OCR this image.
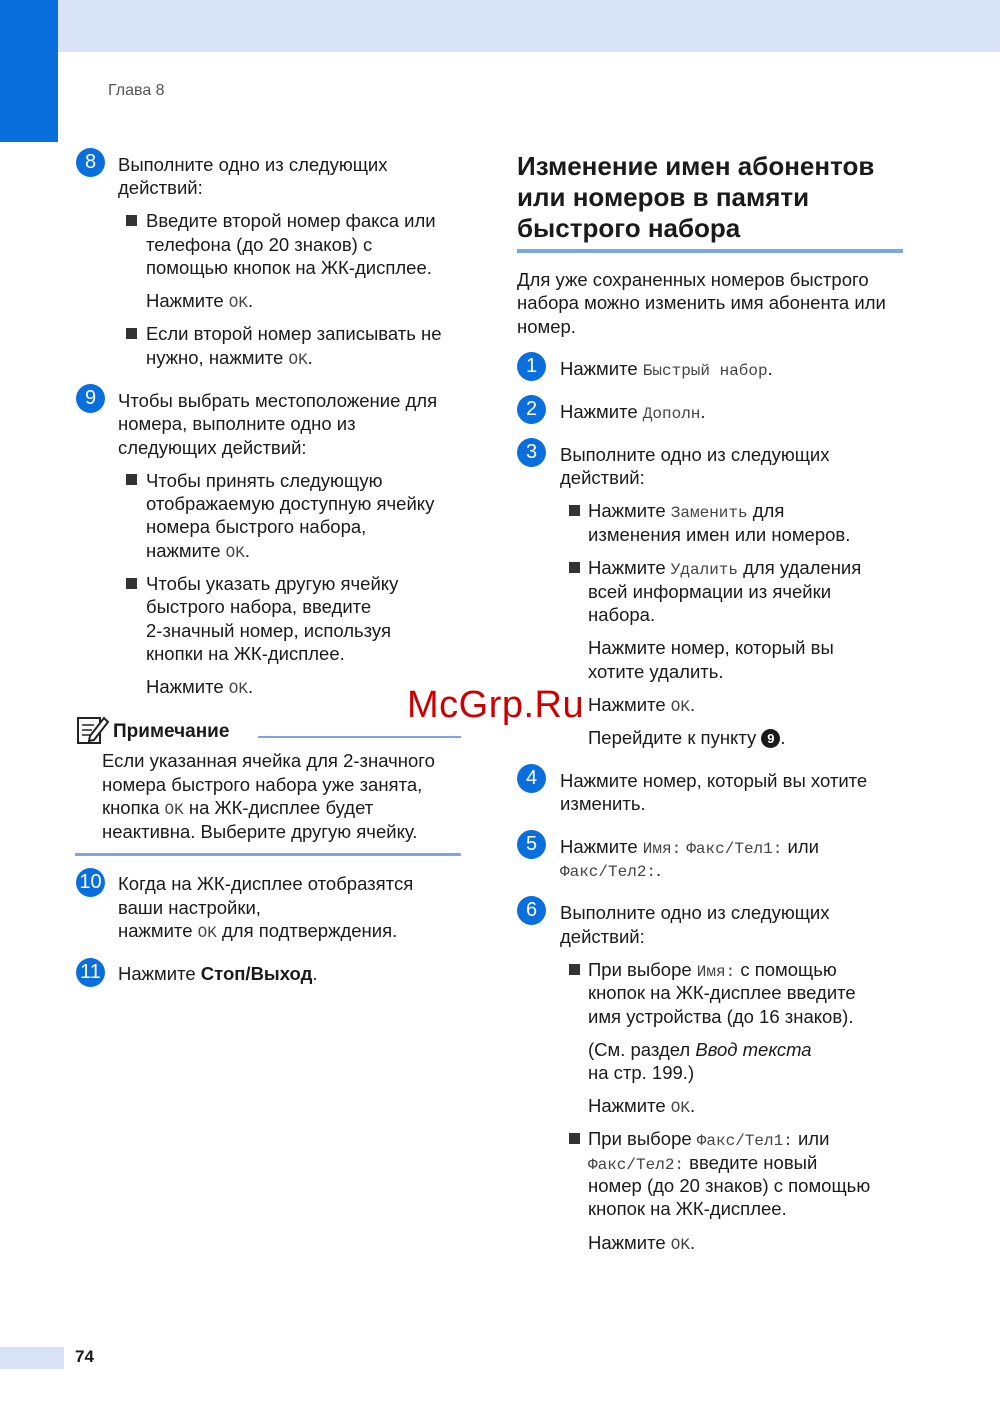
Глава 8
8	Выполните одно из следующих
действий:
Введите второй номер факса или
телефона (до 20 знаков) с
помощью кнопок на ЖК-дисплее.
Нажмите OK.
Если второй номер записывать не
нужно, нажмите OK.
9	Чтобы выбрать местоположение для
номера, выполните одно из
следующих действий:
Чтобы принять следующую
отображаемую доступную ячейку
номера быстрого набора,
нажмите OK.
Чтобы указать другую ячейку
быстрого набора, введите
2-значный номер, используя
кнопки на ЖК-дисплее.
Нажмите OK.
Примечание
Если указанная ячейка для 2-значного
номера быстрого набора уже занята,
кнопка OK на ЖК-дисплее будет
неактивна. Выберите другую ячейку.
10 Когда на ЖК-дисплее отобразятся
ваши настройки,
нажмите OK для подтверждения.
11 Нажмите Стоп/Выход.
Изменение имен абонентов
или номеров в памяти
быстрого набора
Для уже сохраненных номеров быстрого
набора можно изменить имя абонента или
номер.
1	Нажмите Быстрый набор.
2	Нажмите Дополн.
3	Выполните одно из следующих
действий:
Нажмите Заменить для
изменения имен или номеров.
Нажмите Удалить для удаления
всей информации из ячейки
набора.
Нажмите номер, который вы
хотите удалить.
Нажмите OK.
Перейдите к пункту 9 .
4	Нажмите номер, который вы хотите
изменить.
5	Нажмите Имя: Факс/Тел1: или
Факс/Тел2:.
6	Выполните одно из следующих
действий:
При выборе Имя: с помощью
кнопок на ЖК-дисплее введите
имя устройства (до 16 знаков).
(См. раздел Ввод текста
на стр. 199.)
Нажмите OK.
При выборе Факс/Тел1: или
Факс/Тел2: введите новый
номер (до 20 знаков) с помощью
кнопок на ЖК-дисплее.
Нажмите OK.
McGrp.Ru
74
